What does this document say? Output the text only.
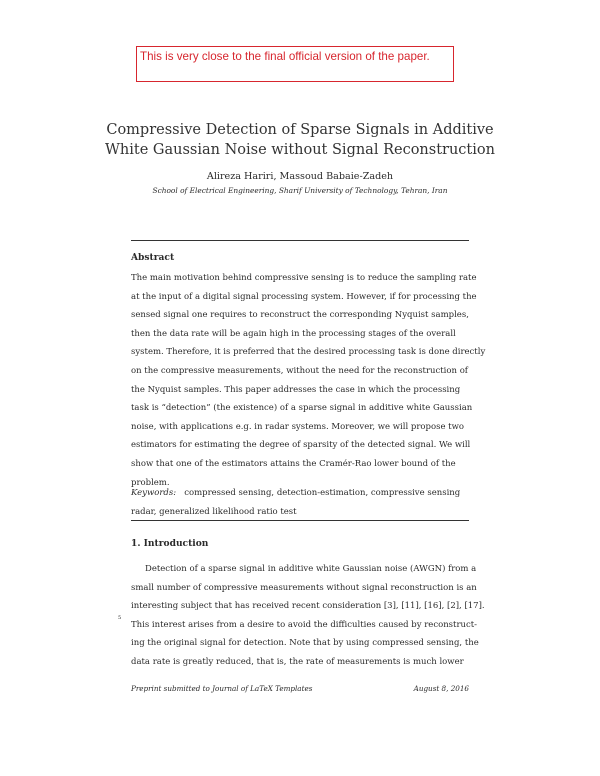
This is very close to the final official version of the paper.
Compressive Detection of Sparse Signals in Additive
White Gaussian Noise without Signal Reconstruction
Alireza Hariri, Massoud Babaie-Zadeh
School of Electrical Engineering, Sharif University of Technology, Tehran, Iran
Abstract
The main motivation behind compressive sensing is to reduce the sampling rate
at the input of a digital signal processing system. However, if for processing the
sensed signal one requires to reconstruct the corresponding Nyquist samples,
then the data rate will be again high in the processing stages of the overall
system. Therefore, it is preferred that the desired processing task is done directly
on the compressive measurements, without the need for the reconstruction of
the Nyquist samples. This paper addresses the case in which the processing
task is “detection” (the existence) of a sparse signal in additive white Gaussian
noise, with applications e.g. in radar systems. Moreover, we will propose two
estimators for estimating the degree of sparsity of the detected signal. We will
show that one of the estimators attains the Cramér-Rao lower bound of the
problem.
Keywords: compressed sensing, detection-estimation, compressive sensing
radar, generalized likelihood ratio test
1. Introduction
Detection of a sparse signal in additive white Gaussian noise (AWGN) from a
small number of compressive measurements without signal reconstruction is an
interesting subject that has received recent consideration [3], [11], [16], [2], [17].
This interest arises from a desire to avoid the difficulties caused by reconstruct-
ing the original signal for detection. Note that by using compressed sensing, the
data rate is greatly reduced, that is, the rate of measurements is much lower
5
Preprint submitted to Journal of LaTeX Templates	August 8, 2016
